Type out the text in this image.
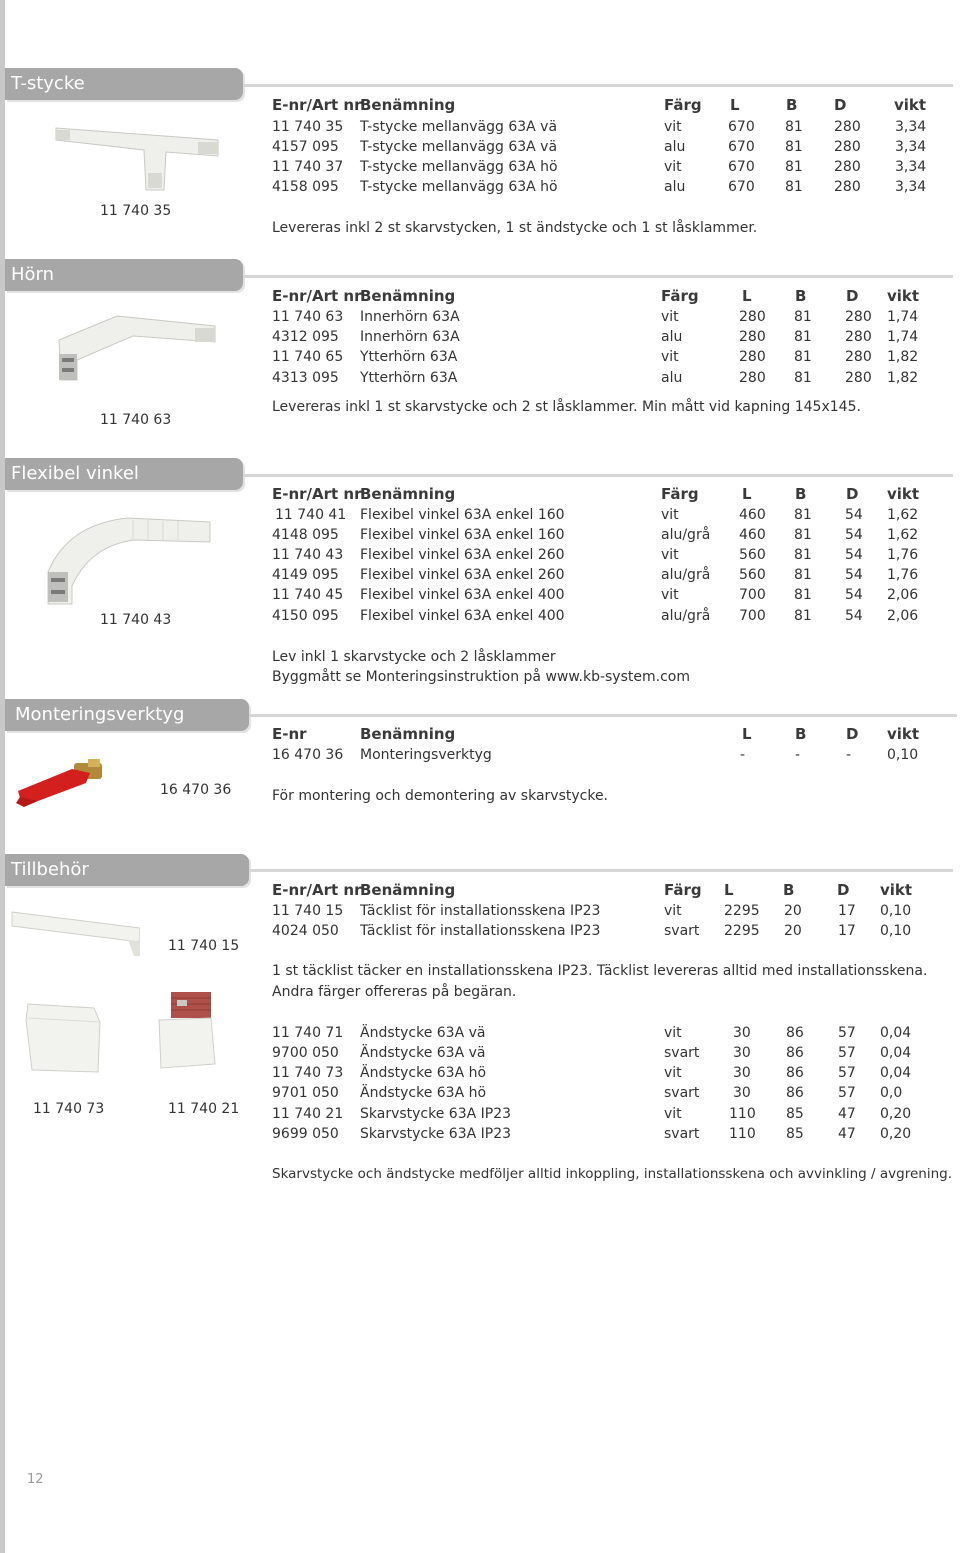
T-stycke
11 740 35
E-nr/Art nr
Benämning	Färg L	B D	vikt
11 740 35 T-stycke mellanvägg 63A vä	vit	670 81 280 3,34
4157 095 T-stycke mellanvägg 63A vä	alu	670 81 280 3,34
11 740 37 T-stycke mellanvägg 63A hö	vit	670 81 280 3,34
4158 095 T-stycke mellanvägg 63A hö	alu	670 81 280 3,34
Levereras inkl 2 st skarvstycken, 1 st ändstycke och 1 st låsklammer.
Hörn
11 740 63
E-nr/Art nr
Benämning	Färg	L	B	D vikt
11 740 63 Innerhörn 63A	vit	280 81 280 1,74
4312 095 Innerhörn 63A	alu	280 81 280 1,74
11 740 65 Ytterhörn 63A	vit	280 81 280 1,82
4313 095 Ytterhörn 63A	alu	280 81 280 1,82
Levereras inkl 1 st skarvstycke och 2 st låsklammer. Min mått vid kapning 145x145.
Flexibel vinkel
11 740 43
E-nr/Art nr
Benämning	Färg	L	B	D vikt
11 740 41 Flexibel vinkel 63A enkel 160	vit	460 81 54 1,62
4148 095 Flexibel vinkel 63A enkel 160	alu/grå 460 81 54 1,62
11 740 43 Flexibel vinkel 63A enkel 260	vit	560 81 54 1,76
4149 095 Flexibel vinkel 63A enkel 260	alu/grå 560 81 54 1,76
11 740 45 Flexibel vinkel 63A enkel 400	vit	700 81 54 2,06
4150 095 Flexibel vinkel 63A enkel 400	alu/grå 700 81 54 2,06
Lev inkl 1 skarvstycke och 2 låsklammer
Byggmått se Monteringsinstruktion på www.kb-system.com
Monteringsverktyg
16 470 36
E-nr	Benämning	L	B	D vikt
16 470 36 Monteringsverktyg	-	-	-	0,10
För montering och demontering av skarvstycke.
Tillbehör
11 740 15
11 740 73	11 740 21
E-nr/Art nr
Benämning	Färg L	B	D vikt
11 740 15 Täcklist för installationsskena IP23	vit	2295 20	17 0,10
4024 050 Täcklist för installationsskena IP23	svart 2295 20	17 0,10
1 st täcklist täcker en installationsskena IP23. Täcklist levereras alltid med installationsskena.
Andra färger offereras på begäran.
11 740 71 Ändstycke 63A vä	vit	30	86 57 0,04
9700 050 Ändstycke 63A vä	svart 30	86 57 0,04
11 740 73 Ändstycke 63A hö	vit	30	86 57 0,04
9701 050 Ändstycke 63A hö	svart 30	86 57 0,0
11 740 21 Skarvstycke 63A IP23	vit	110 85 47 0,20
9699 050 Skarvstycke 63A IP23	svart 110 85 47 0,20
Skarvstycke och ändstycke medföljer alltid inkoppling, installationsskena och avvinkling / avgrening.
12
